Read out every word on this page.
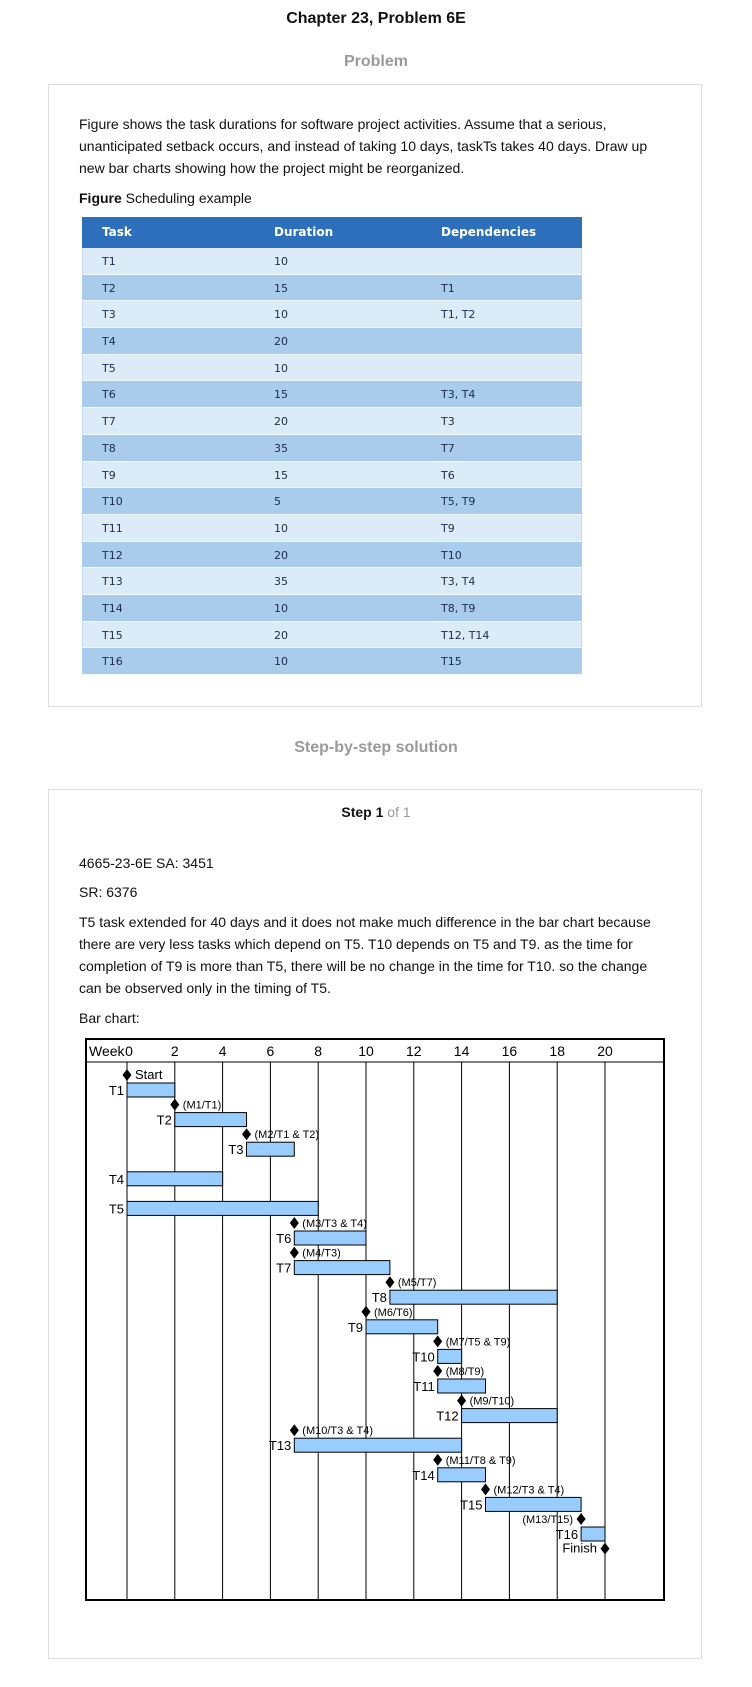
Chapter 23, Problem 6E
Problem

Figure shows the task durations for software project activities. Assume that a serious, unanticipated setback occurs, and instead of taking 10 days, taskTs takes 40 days. Draw up new bar charts showing how the project might be reorganized.

Figure Scheduling example

Task	Duration	Dependencies
T1	10
T2	15	T1
T3	10	T1, T2
T4	20
T5	10
T6	15	T3, T4
T7	20	T3
T8	35	T7
T9	15	T6
T10	5	T5, T9
T11	10	T9
T12	20	T10
T13	35	T3, T4
T14	10	T8, T9
T15	20	T12, T14
T16	10	T15
Step-by-step solution
Step 1 of 1

4665-23-6E SA: 3451

SR: 6376

T5 task extended for 40 days and it does not make much difference in the bar chart because there are very less tasks which depend on T5. T10 depends on T5 and T9. as the time for completion of T9 is more than T5, there will be no change in the time for T10. so the change can be observed only in the timing of T5.

Bar chart:

Week 0	2	4	6	8	10 12 14 16 18 20
Start
(M1/T1)
(M2/T1 & T2)
(M3/T3 & T4)
(M4/T3)
(M5/T7)
(M6/T6)
(M7/T5 & T9)
(M8/T9)
(M9/T10)
(M10/T3 & T4)
(M11/T8 & T9)
(M12/T3 & T4)
(M13/T15)
Finish
T1
T2
T3
T4
T5
T6
T7
T8
T9
T10
T11
T12
T13
T14
T15
T16
